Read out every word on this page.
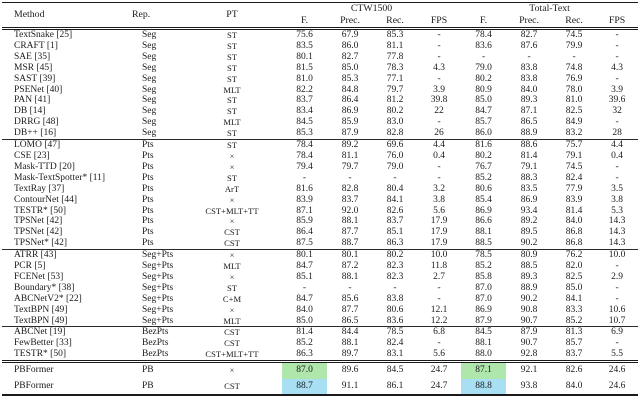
Method	Rep.	PT	CTW1500				Total-Text			
			F.	Prec.	Rec.	FPS	F.	Prec.	Rec.	FPS
TextSnake [25]	Seg	ST	75.6	67.9	85.3	-	78.4	82.7	74.5	-
CRAFT [1]	Seg	ST	83.5	86.0	81.1	-	83.6	87.6	79.9	-
SAE [35]	Seg	ST	80.1	82.7	77.8	-	-	-	-	-
MSR [45]	Seg	ST	81.5	85.0	78.3	4.3	79.0	83.8	74.8	4.3
SAST [39]	Seg	ST	81.0	85.3	77.1	-	80.2	83.8	76.9	-
PSENet [40]	Seg	MLT	82.2	84.8	79.7	3.9	80.9	84.0	78.0	3.9
PAN [41]	Seg	ST	83.7	86.4	81.2	39.8	85.0	89.3	81.0	39.6
DB [14]	Seg	ST	83.4	86.9	80.2	22	84.7	87.1	82.5	32
DRRG [48]	Seg	MLT	84.5	85.9	83.0	-	85.7	86.5	84.9	-
DB++ [16]	Seg	ST	85.3	87.9	82.8	26	86.0	88.9	83.2	28
LOMO [47]	Pts	ST	78.4	89.2	69.6	4.4	81.6	88.6	75.7	4.4
CSE [23]	Pts	×	78.4	81.1	76.0	0.4	80.2	81.4	79.1	0.4
Mask-TTD [20]	Pts	×	79.4	79.7	79.0	-	76.7	79.1	74.5	-
Mask-TextSpotter* [11]	Pts	ST	-	-	-	-	85.2	88.3	82.4	-
TextRay [37]	Pts	ArT	81.6	82.8	80.4	3.2	80.6	83.5	77.9	3.5
ContourNet [44]	Pts	×	83.9	83.7	84.1	3.8	85.4	86.9	83.9	3.8
TESTR* [50]	Pts	CST+MLT+TT	87.1	92.0	82.6	5.6	86.9	93.4	81.4	5.3
TPSNet [42]	Pts	×	85.9	88.1	83.7	17.9	86.6	89.2	84.0	14.3
TPSNet [42]	Pts	CST	86.4	87.7	85.1	17.9	88.1	89.5	86.8	14.3
TPSNet* [42]	Pts	CST	87.5	88.7	86.3	17.9	88.5	90.2	86.8	14.3
ATRR [43]	Seg+Pts	×	80.1	80.1	80.2	10.0	78.5	80.9	76.2	10.0
PCR [5]	Seg+Pts	MLT	84.7	87.2	82.3	11.8	85.2	88.5	82.0	-
FCENet [53]	Seg+Pts	×	85.1	88.1	82.3	2.7	85.8	89.3	82.5	2.9
Boundary* [38]	Seg+Pts	ST	-	-	-	-	87.0	88.9	85.0	-
ABCNetV2* [22]	Seg+Pts	C+M	84.7	85.6	83.8	-	87.0	90.2	84.1	-
TextBPN [49]	Seg+Pts	×	84.0	87.7	80.6	12.1	86.9	90.8	83.3	10.6
TextBPN [49]	Seg+Pts	MLT	85.0	86.5	83.6	12.2	87.9	90.7	85.2	10.7
ABCNet [19]	BezPts	CST	81.4	84.4	78.5	6.8	84.5	87.9	81.3	6.9
FewBetter [33]	BezPts	CST	85.2	88.1	82.4	-	88.1	90.7	85.7	-
TESTR* [50]	BezPts	CST+MLT+TT	86.3	89.7	83.1	5.6	88.0	92.8	83.7	5.5
PBFormer	PB	×	87.0	89.6	84.5	24.7	87.1	92.1	82.6	24.6
PBFormer	PB	CST	88.7	91.1	86.1	24.7	88.8	93.8	84.0	24.6
